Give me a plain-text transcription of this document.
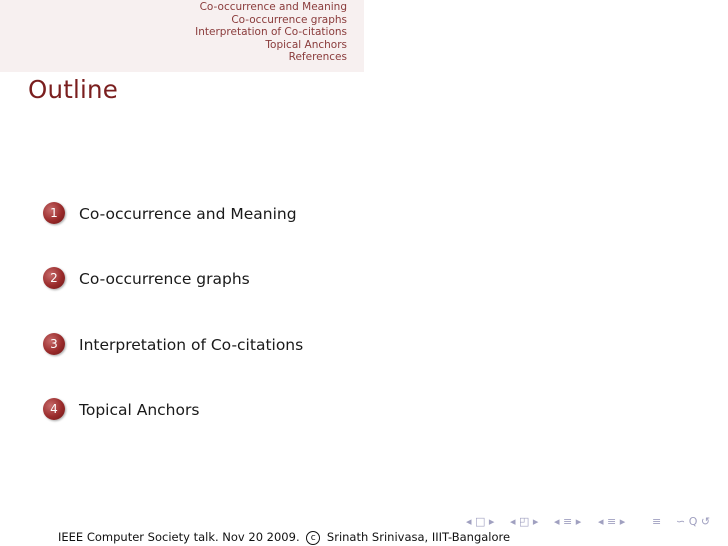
Co-occurrence and Meaning
Co-occurrence graphs
Interpretation of Co-citations
Topical Anchors
References
Outline
1	Co-occurrence and Meaning
2	Co-occurrence graphs
3	Interpretation of Co-citations
4	Topical Anchors
◂ □ ▸ ◂ ◰ ▸ ◂ ≡ ▸ ◂ ≡ ▸ ≡ ∽ Q ↺
IEEE Computer Society talk. Nov 20 2009. c Srinath Srinivasa, IIIT-Bangalore
